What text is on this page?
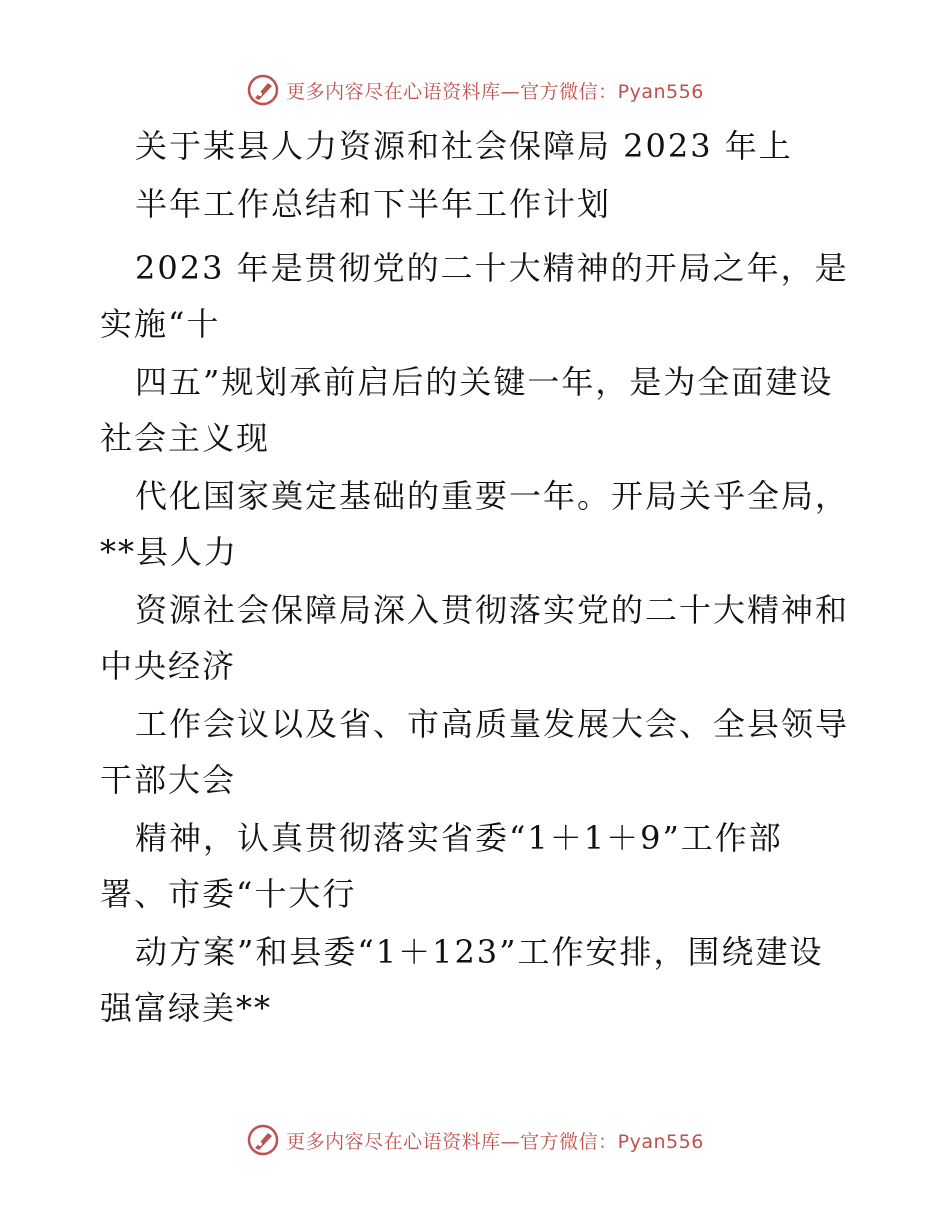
更多内容尽在心语资料库—官方微信：Pyan556
关于某县人力资源和社会保障局 2023 年上
半年工作总结和下半年工作计划
2023 年是贯彻党的二十大精神的开局之年，是
实施“十
四五”规划承前启后的关键一年，是为全面建设
社会主义现
代化国家奠定基础的重要一年。开局关乎全局，
**县人力
资源社会保障局深入贯彻落实党的二十大精神和
中央经济
工作会议以及省、市高质量发展大会、全县领导
干部大会
精神，认真贯彻落实省委“1＋1＋9”工作部
署、市委“十大行
动方案”和县委“1＋123”工作安排，围绕建设
强富绿美**
更多内容尽在心语资料库—官方微信：Pyan556
